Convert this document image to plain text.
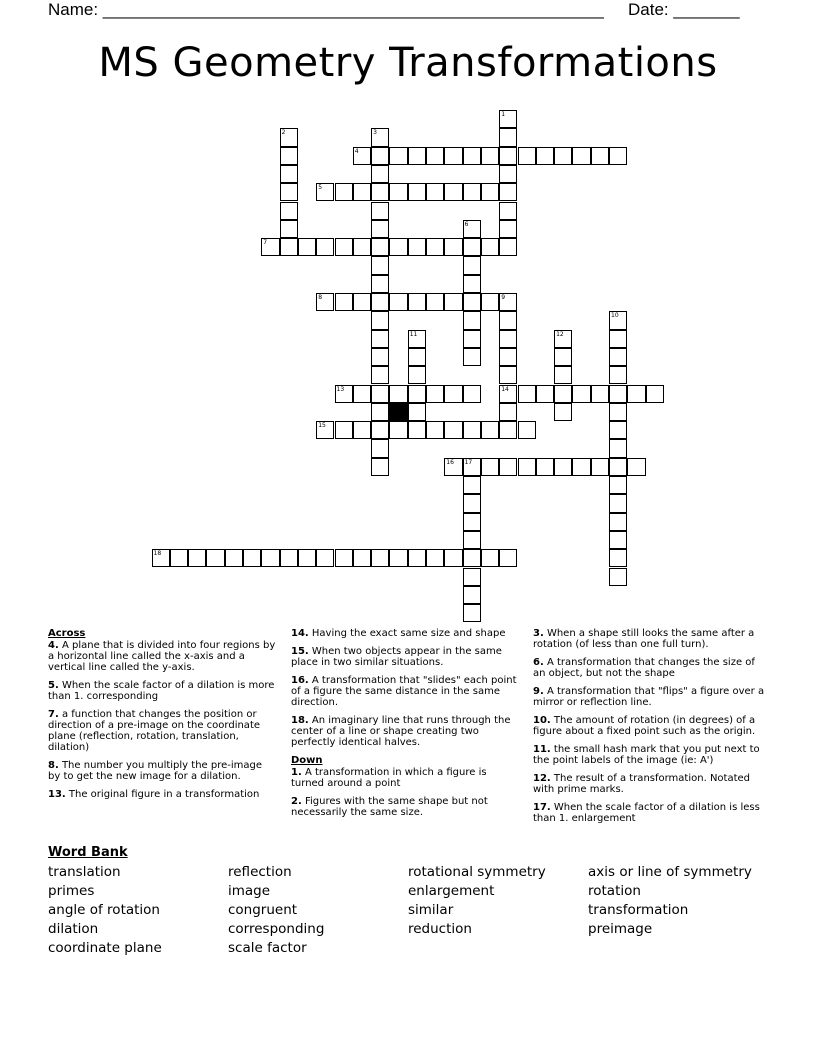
Name: _____________________________________________________ Date: _______
MS Geometry Transformations
1
2	3
4
5
6
7
8	9
14
10
11	12
13
15
16 17
18
Across
4. A plane that is divided into four regions by a horizontal line called the x-axis and a vertical line called the y-axis.
5. When the scale factor of a dilation is more than 1. corresponding
7. a function that changes the position or direction of a pre-image on the coordinate plane (reflection, rotation, translation, dilation)
8. The number you multiply the pre-image by to get the new image for a dilation.
13. The original figure in a transformation
14. Having the exact same size and shape
15. When two objects appear in the same place in two similar situations.
16. A transformation that "slides" each point of a figure the same distance in the same direction.
18. An imaginary line that runs through the center of a line or shape creating two perfectly identical halves.
Down
1. A transformation in which a figure is turned around a point
2. Figures with the same shape but not necessarily the same size.
3. When a shape still looks the same after a rotation (of less than one full turn).
6. A transformation that changes the size of an object, but not the shape
9. A transformation that "flips" a figure over a mirror or reflection line.
10. The amount of rotation (in degrees) of a figure about a fixed point such as the origin.
11. the small hash mark that you put next to the point labels of the image (ie: A')
12. The result of a transformation. Notated with prime marks.
17. When the scale factor of a dilation is less than 1. enlargement
Word Bank
translation
primes
angle of rotation
dilation
coordinate plane
reflection
image
congruent
corresponding
scale factor
rotational symmetry
enlargement
similar
reduction
axis or line of symmetry
rotation
transformation
preimage
